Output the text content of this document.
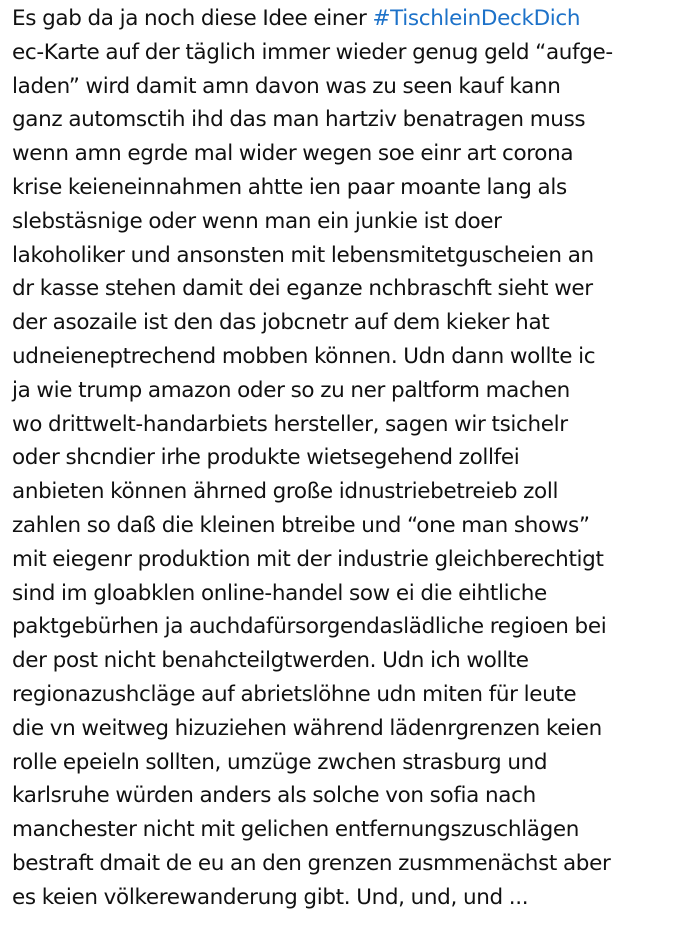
Es gab da ja noch diese Idee einer #TischleinDeckDich
ec-Karte auf der täglich immer wieder genug geld “aufge-
laden” wird damit amn davon was zu seen kauf kann
ganz automsctih ihd das man hartziv benatragen muss
wenn amn egrde mal wider wegen soe einr art corona
krise keieneinnahmen ahtte ien paar moante lang als
slebstäsnige oder wenn man ein junkie ist doer
lakoholiker und ansonsten mit lebensmitetguscheien an
dr kasse stehen damit dei eganze nchbraschft sieht wer
der asozaile ist den das jobcnetr auf dem kieker hat
udneieneptrechend mobben können. Udn dann wollte ic
ja wie trump amazon oder so zu ner paltform machen
wo drittwelt-handarbiets hersteller, sagen wir tsichelr
oder shcndier irhe produkte wietsegehend zollfei
anbieten können ährned große idnustriebetreieb zoll
zahlen so daß die kleinen btreibe und “one man shows”
mit eiegenr produktion mit der industrie gleichberechtigt
sind im gloabklen online-handel sow ei die eihtliche
paktgebürhen ja auchdafürsorgendaslädliche regioen bei
der post nicht benahcteilgtwerden. Udn ich wollte
regionazushcläge auf abrietslöhne udn miten für leute
die vn weitweg hizuziehen während lädenrgrenzen keien
rolle epeieln sollten, umzüge zwchen strasburg und
karlsruhe würden anders als solche von sofia nach
manchester nicht mit gelichen entfernungszuschlägen
bestraft dmait de eu an den grenzen zusmmenächst aber
es keien völkerewanderung gibt. Und, und, und ...
